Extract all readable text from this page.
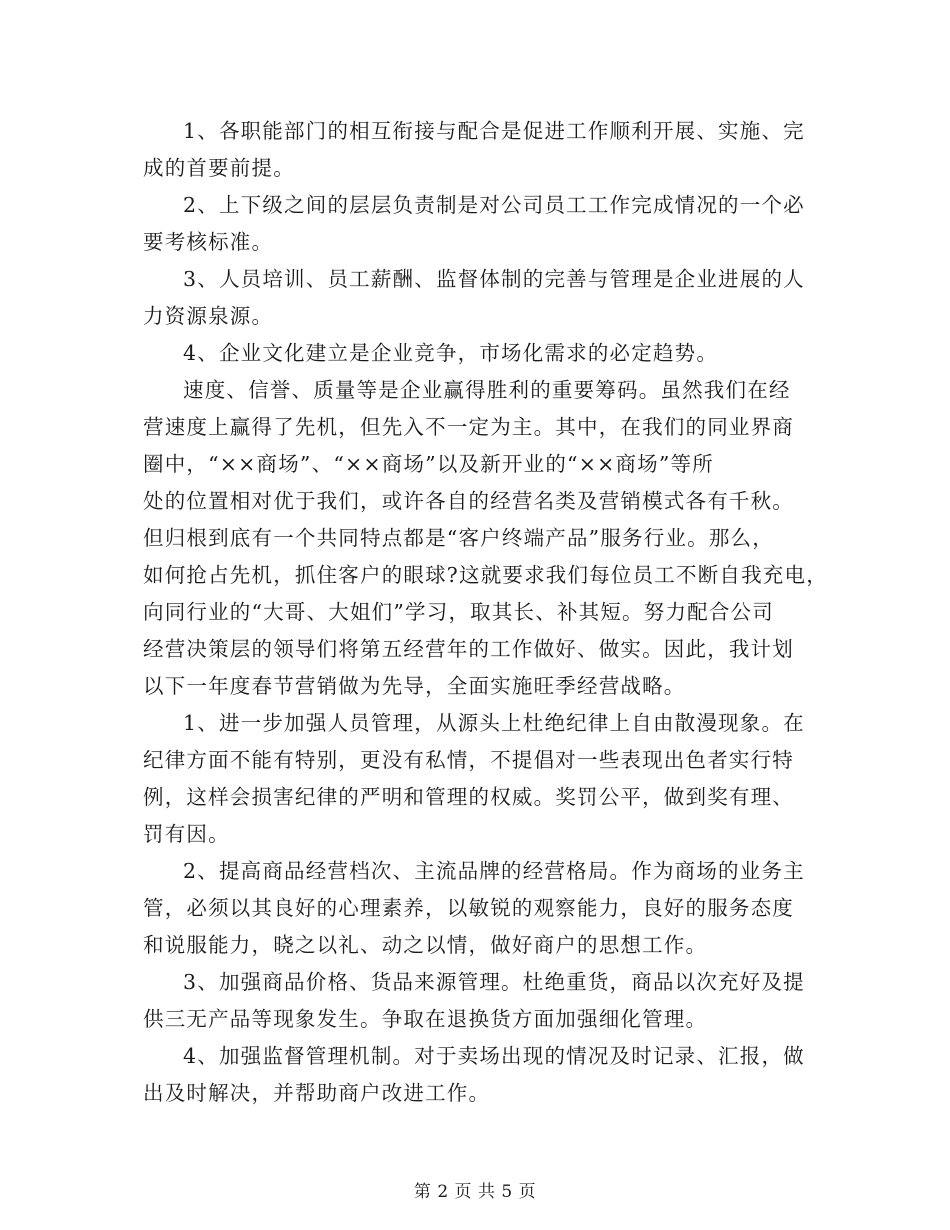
1、各职能部门的相互衔接与配合是促进工作顺利开展、实施、完
成的首要前提。
2、上下级之间的层层负责制是对公司员工工作完成情况的一个必
要考核标准。
3、人员培训、员工薪酬、监督体制的完善与管理是企业进展的人
力资源泉源。
4、企业文化建立是企业竞争，市场化需求的必定趋势。
速度、信誉、质量等是企业赢得胜利的重要筹码。虽然我们在经
营速度上赢得了先机，但先入不一定为主。其中，在我们的同业界商
圈中，“××商场”、“××商场”以及新开业的“××商场”等所
处的位置相对优于我们，或许各自的经营名类及营销模式各有千秋。
但归根到底有一个共同特点都是“客户终端产品”服务行业。那么，
如何抢占先机，抓住客户的眼球?这就要求我们每位员工不断自我充电，
向同行业的“大哥、大姐们”学习，取其长、补其短。努力配合公司
经营决策层的领导们将第五经营年的工作做好、做实。因此，我计划
以下一年度春节营销做为先导，全面实施旺季经营战略。
1、进一步加强人员管理，从源头上杜绝纪律上自由散漫现象。在
纪律方面不能有特别，更没有私情，不提倡对一些表现出色者实行特
例，这样会损害纪律的严明和管理的权威。奖罚公平，做到奖有理、
罚有因。
2、提高商品经营档次、主流品牌的经营格局。作为商场的业务主
管，必须以其良好的心理素养，以敏锐的观察能力，良好的服务态度
和说服能力，晓之以礼、动之以情，做好商户的思想工作。
3、加强商品价格、货品来源管理。杜绝重货，商品以次充好及提
供三无产品等现象发生。争取在退换货方面加强细化管理。
4、加强监督管理机制。对于卖场出现的情况及时记录、汇报，做
出及时解决，并帮助商户改进工作。
第 2 页 共 5 页
